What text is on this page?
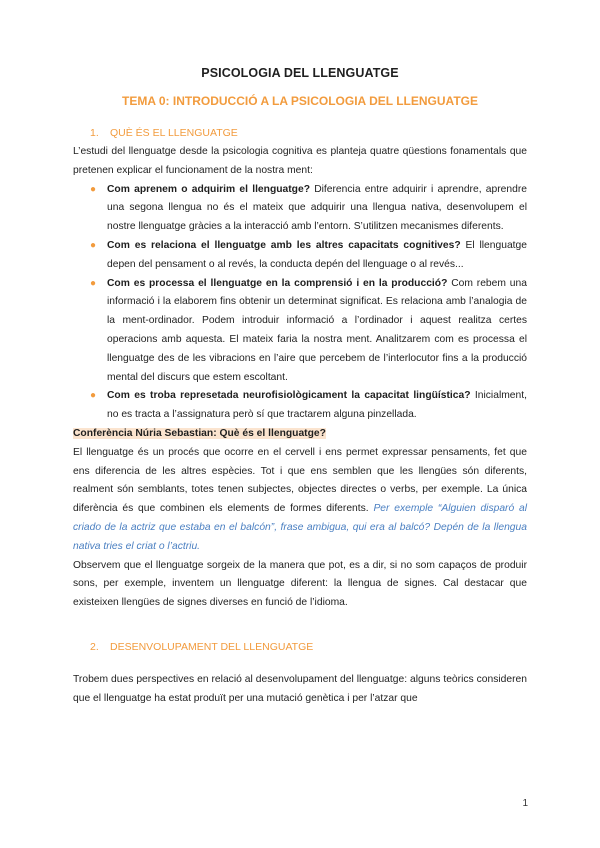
PSICOLOGIA DEL LLENGUATGE
TEMA 0: INTRODUCCIÓ A LA PSICOLOGIA DEL LLENGUATGE
1. QUÈ ÉS EL LLENGUATGE

L’estudi del llenguatge desde la psicologia cognitiva es planteja quatre qüestions fonamentals que pretenen explicar el funcionament de la nostra ment:

● Com aprenem o adquirim el llenguatge? Diferencia entre adquirir i aprendre, aprendre una segona llengua no és el mateix que adquirir una llengua nativa, desenvolupem el nostre llenguatge gràcies a la interacció amb l’entorn. S’utilitzen mecanismes diferents.
● Com es relaciona el llenguatge amb les altres capacitats cognitives? El llenguatge depen del pensament o al revés, la conducta depén del llenguage o al revés...
● Com es processa el llenguatge en la comprensió i en la producció? Com rebem una informació i la elaborem fins obtenir un determinat significat. Es relaciona amb l’analogia de la ment-ordinador. Podem introduir informació a l’ordinador i aquest realitza certes operacions amb aquesta. El mateix faria la nostra ment. Analitzarem com es processa el llenguatge des de les vibracions en l’aire que percebem de l’interlocutor fins a la producció mental del discurs que estem escoltant.
● Com es troba represetada neurofisiològicament la capacitat lingüística? Inicialment, no es tracta a l’assignatura però sí que tractarem alguna pinzellada.

Conferència Núria Sebastian: Què és el llenguatge?

El llenguatge és un procés que ocorre en el cervell i ens permet expressar pensaments, fet que ens diferencia de les altres espècies. Tot i que ens semblen que les llengües són diferents, realment són semblants, totes tenen subjectes, objectes directes o verbs, per exemple. La única diferència és que combinen els elements de formes diferents. Per exemple “Alguien disparó al criado de la actriz que estaba en el balcón”, frase ambigua, qui era al balcó? Depén de la llengua nativa tries el criat o l’actriu.

Observem que el llenguatge sorgeix de la manera que pot, es a dir, si no som capaços de produir sons, per exemple, inventem un llenguatge diferent: la llengua de signes. Cal destacar que existeixen llengües de signes diverses en funció de l’idioma.

2. DESENVOLUPAMENT DEL LLENGUATGE

Trobem dues perspectives en relació al desenvolupament del llenguatge: alguns teòrics consideren que el llenguatge ha estat produït per una mutació genètica i per l’atzar que

1
